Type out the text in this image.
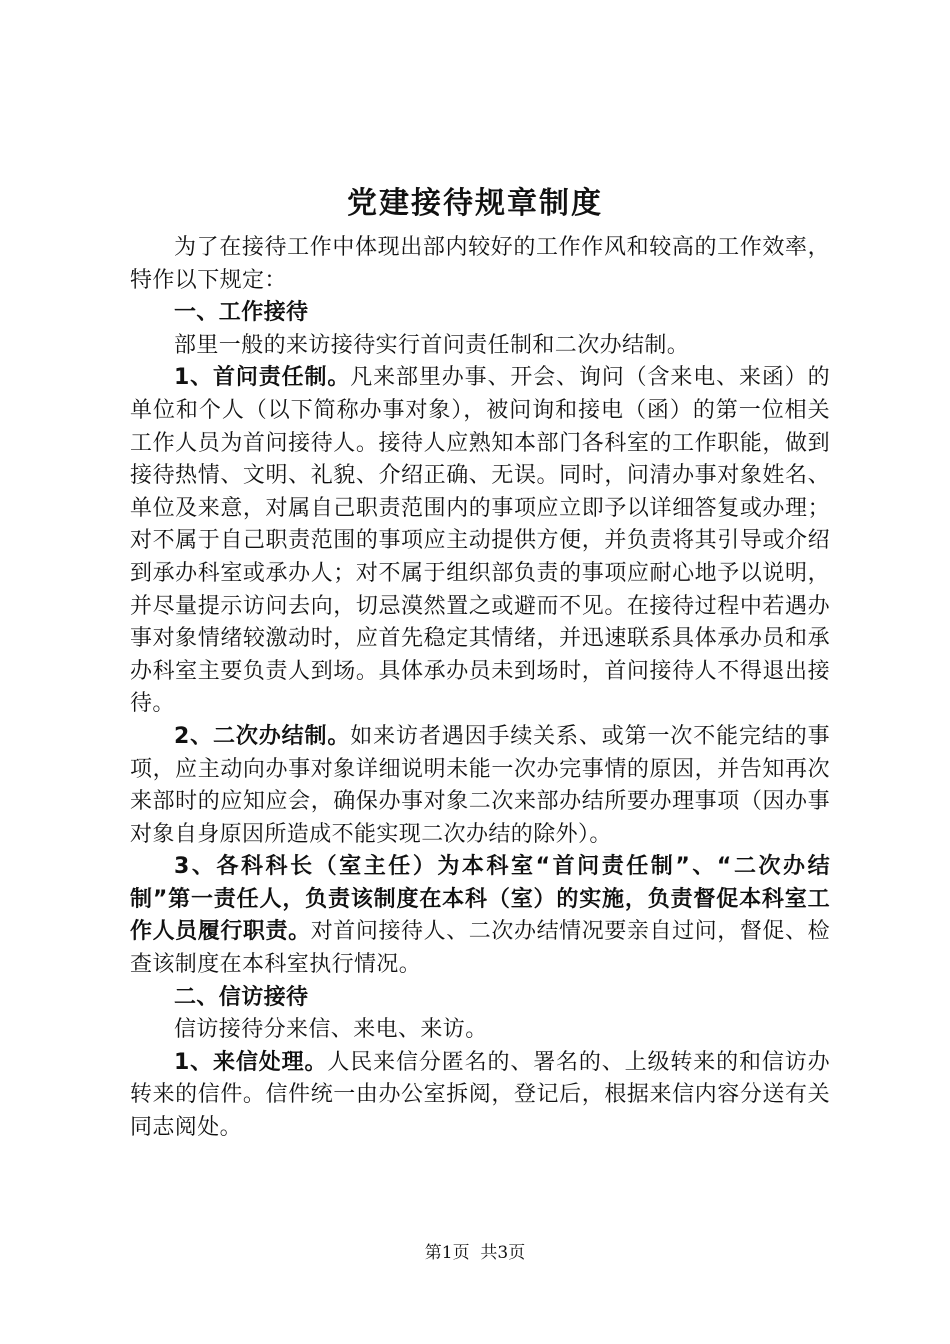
党建接待规章制度

为了在接待工作中体现出部内较好的工作作风和较高的工作效率，特作以下规定：

一、工作接待

部里一般的来访接待实行首问责任制和二次办结制。

1、首问责任制。凡来部里办事、开会、询问（含来电、来函）的单位和个人（以下简称办事对象），被问询和接电（函）的第一位相关工作人员为首问接待人。接待人应熟知本部门各科室的工作职能，做到接待热情、文明、礼貌、介绍正确、无误。同时，问清办事对象姓名、单位及来意，对属自己职责范围内的事项应立即予以详细答复或办理；对不属于自己职责范围的事项应主动提供方便，并负责将其引导或介绍到承办科室或承办人；对不属于组织部负责的事项应耐心地予以说明，并尽量提示访问去向，切忌漠然置之或避而不见。在接待过程中若遇办事对象情绪较激动时，应首先稳定其情绪，并迅速联系具体承办员和承办科室主要负责人到场。具体承办员未到场时，首问接待人不得退出接待。

2、二次办结制。如来访者遇因手续关系、或第一次不能完结的事项，应主动向办事对象详细说明未能一次办完事情的原因，并告知再次来部时的应知应会，确保办事对象二次来部办结所要办理事项（因办事对象自身原因所造成不能实现二次办结的除外）。

3、各科科长（室主任）为本科室“首问责任制”、“二次办结制”第一责任人，负责该制度在本科（室）的实施，负责督促本科室工作人员履行职责。对首问接待人、二次办结情况要亲自过问，督促、检查该制度在本科室执行情况。

二、信访接待

信访接待分来信、来电、来访。

1、来信处理。人民来信分匿名的、署名的、上级转来的和信访办转来的信件。信件统一由办公室拆阅，登记后，根据来信内容分送有关同志阅处。

第1页 共3页
